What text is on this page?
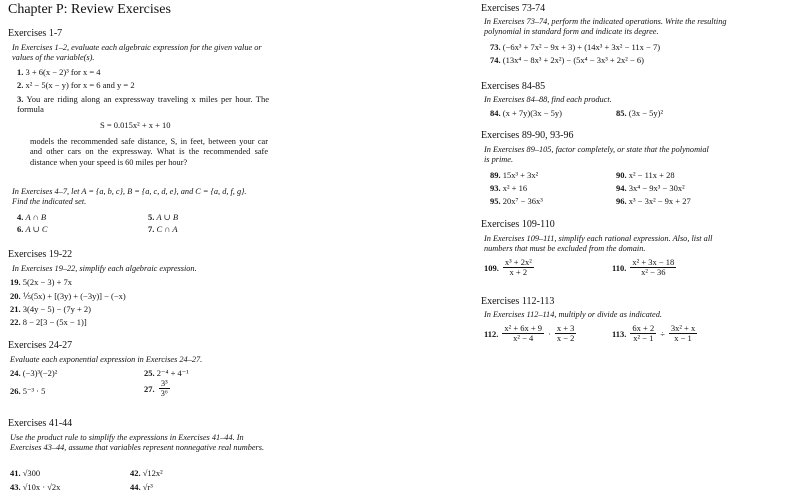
Chapter P: Review Exercises
Exercises 1-7
In Exercises 1–2, evaluate each algebraic expression for the given value or values of the variable(s).
1. 3 + 6(x − 2)³ for x = 4
2. x² − 5(x − y) for x = 6 and y = 2
3. You are riding along an expressway traveling x miles per hour. The formula
S = 0.015x² + x + 10
models the recommended safe distance, S, in feet, between your car and other cars on the expressway. What is the recommended safe distance when your speed is 60 miles per hour?
In Exercises 4–7, let A = {a, b, c}, B = {a, c, d, e}, and C = {a, d, f, g}. Find the indicated set.
4. A ∩ B	5. A ∪ B
6. A ∪ C	7. C ∩ A
Exercises 19-22
In Exercises 19–22, simplify each algebraic expression.
19. 5(2x − 3) + 7x
20. ⅕(5x) + [(3y) + (−3y)] − (−x)
21. 3(4y − 5) − (7y + 2)
22. 8 − 2[3 − (5x − 1)]
Exercises 24-27
Evaluate each exponential expression in Exercises 24–27.
24. (−3)³(−2)²	25. 2⁻⁴ + 4⁻¹
26. 5⁻³ · 5	27. $\frac{\text{3³}}{\text{3⁶}}$
Exercises 41-44
Use the product rule to simplify the expressions in Exercises 41–44. In Exercises 43–44, assume that variables represent nonnegative real numbers.
41. √300	42. √12x²
43. √10x · √2x	44. √r³
Exercises 73-74
In Exercises 73–74, perform the indicated operations. Write the resulting polynomial in standard form and indicate its degree.
73. (−6x³ + 7x² − 9x + 3) + (14x³ + 3x² − 11x − 7)
74. (13x⁴ − 8x³ + 2x²) − (5x⁴ − 3x³ + 2x² − 6)
Exercises 84-85
In Exercises 84–88, find each product.
84. (x + 7y)(3x − 5y)	85. (3x − 5y)²
Exercises 89-90, 93-96
In Exercises 89–105, factor completely, or state that the polynomial is prime.
89. 15x³ + 3x²	90. x² − 11x + 28
93. x² + 16	94. 3x⁴ − 9x³ − 30x²
95. 20x⁷ − 36x³	96. x³ − 3x² − 9x + 27
Exercises 109-110
In Exercises 109–111, simplify each rational expression. Also, list all numbers that must be excluded from the domain.
109. $\frac{\text{x³ + 2x²}}{x + 2}$	110. $\frac{\text{x² + 3x − 18}}{\text{x² − 36}}$
Exercises 112-113
In Exercises 112–114, multiply or divide as indicated.
112. $\frac{\text{x² + 6x + 9}}{\text{x² − 4}} \cdot \frac{x + 3}{x - 2}$	113. $\frac{6x + 2}{\text{x² − 1}} \div \frac{\text{3x² + x}}{x - 1}$
